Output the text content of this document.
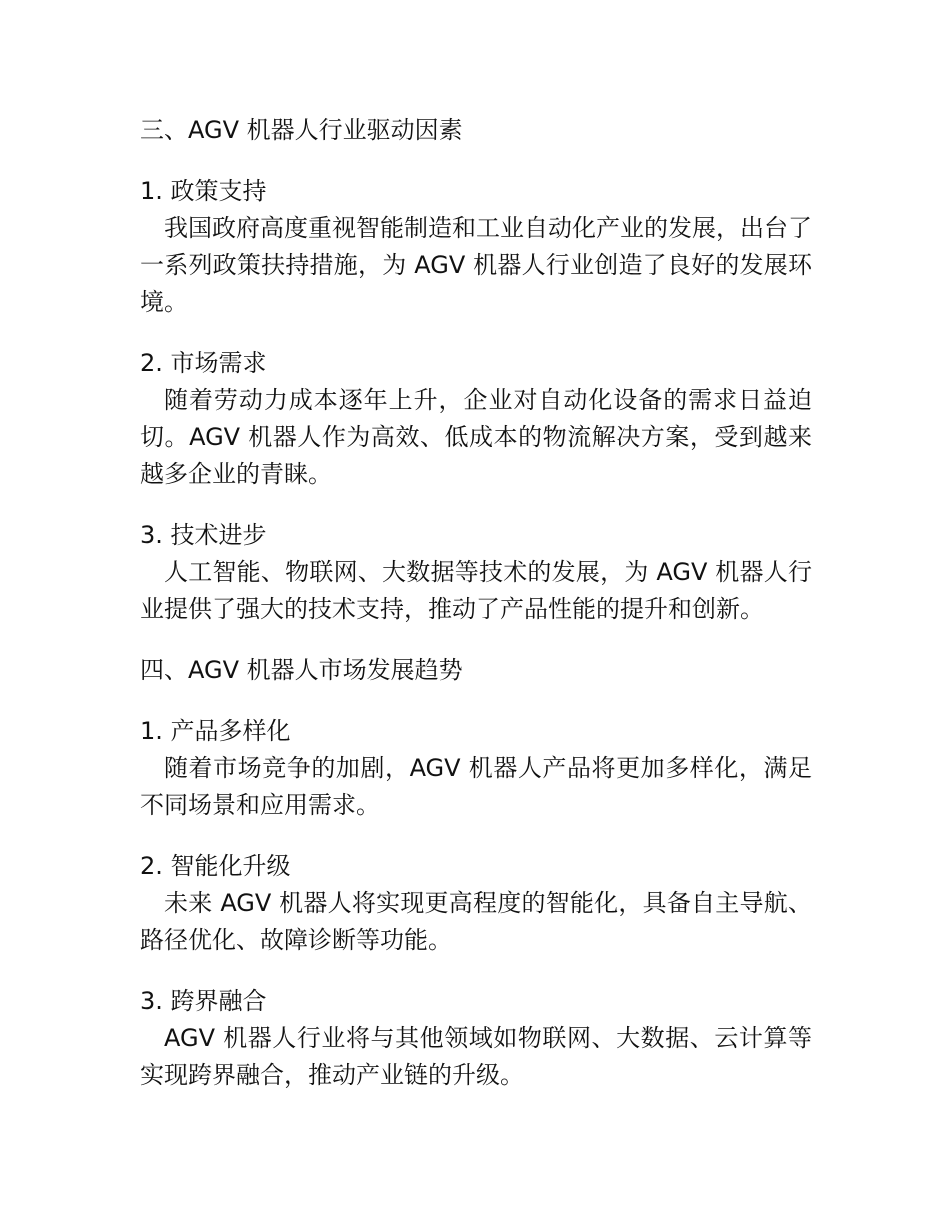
三、AGV 机器人行业驱动因素

1. 政策支持

我国政府高度重视智能制造和工业自动化产业的发展，出台了一系列政策扶持措施，为 AGV 机器人行业创造了良好的发展环境。

2. 市场需求

随着劳动力成本逐年上升，企业对自动化设备的需求日益迫切。AGV 机器人作为高效、低成本的物流解决方案，受到越来越多企业的青睐。

3. 技术进步

人工智能、物联网、大数据等技术的发展，为 AGV 机器人行业提供了强大的技术支持，推动了产品性能的提升和创新。

四、AGV 机器人市场发展趋势

1. 产品多样化

随着市场竞争的加剧，AGV 机器人产品将更加多样化，满足不同场景和应用需求。

2. 智能化升级

未来 AGV 机器人将实现更高程度的智能化，具备自主导航、路径优化、故障诊断等功能。

3. 跨界融合

AGV 机器人行业将与其他领域如物联网、大数据、云计算等实现跨界融合，推动产业链的升级。
